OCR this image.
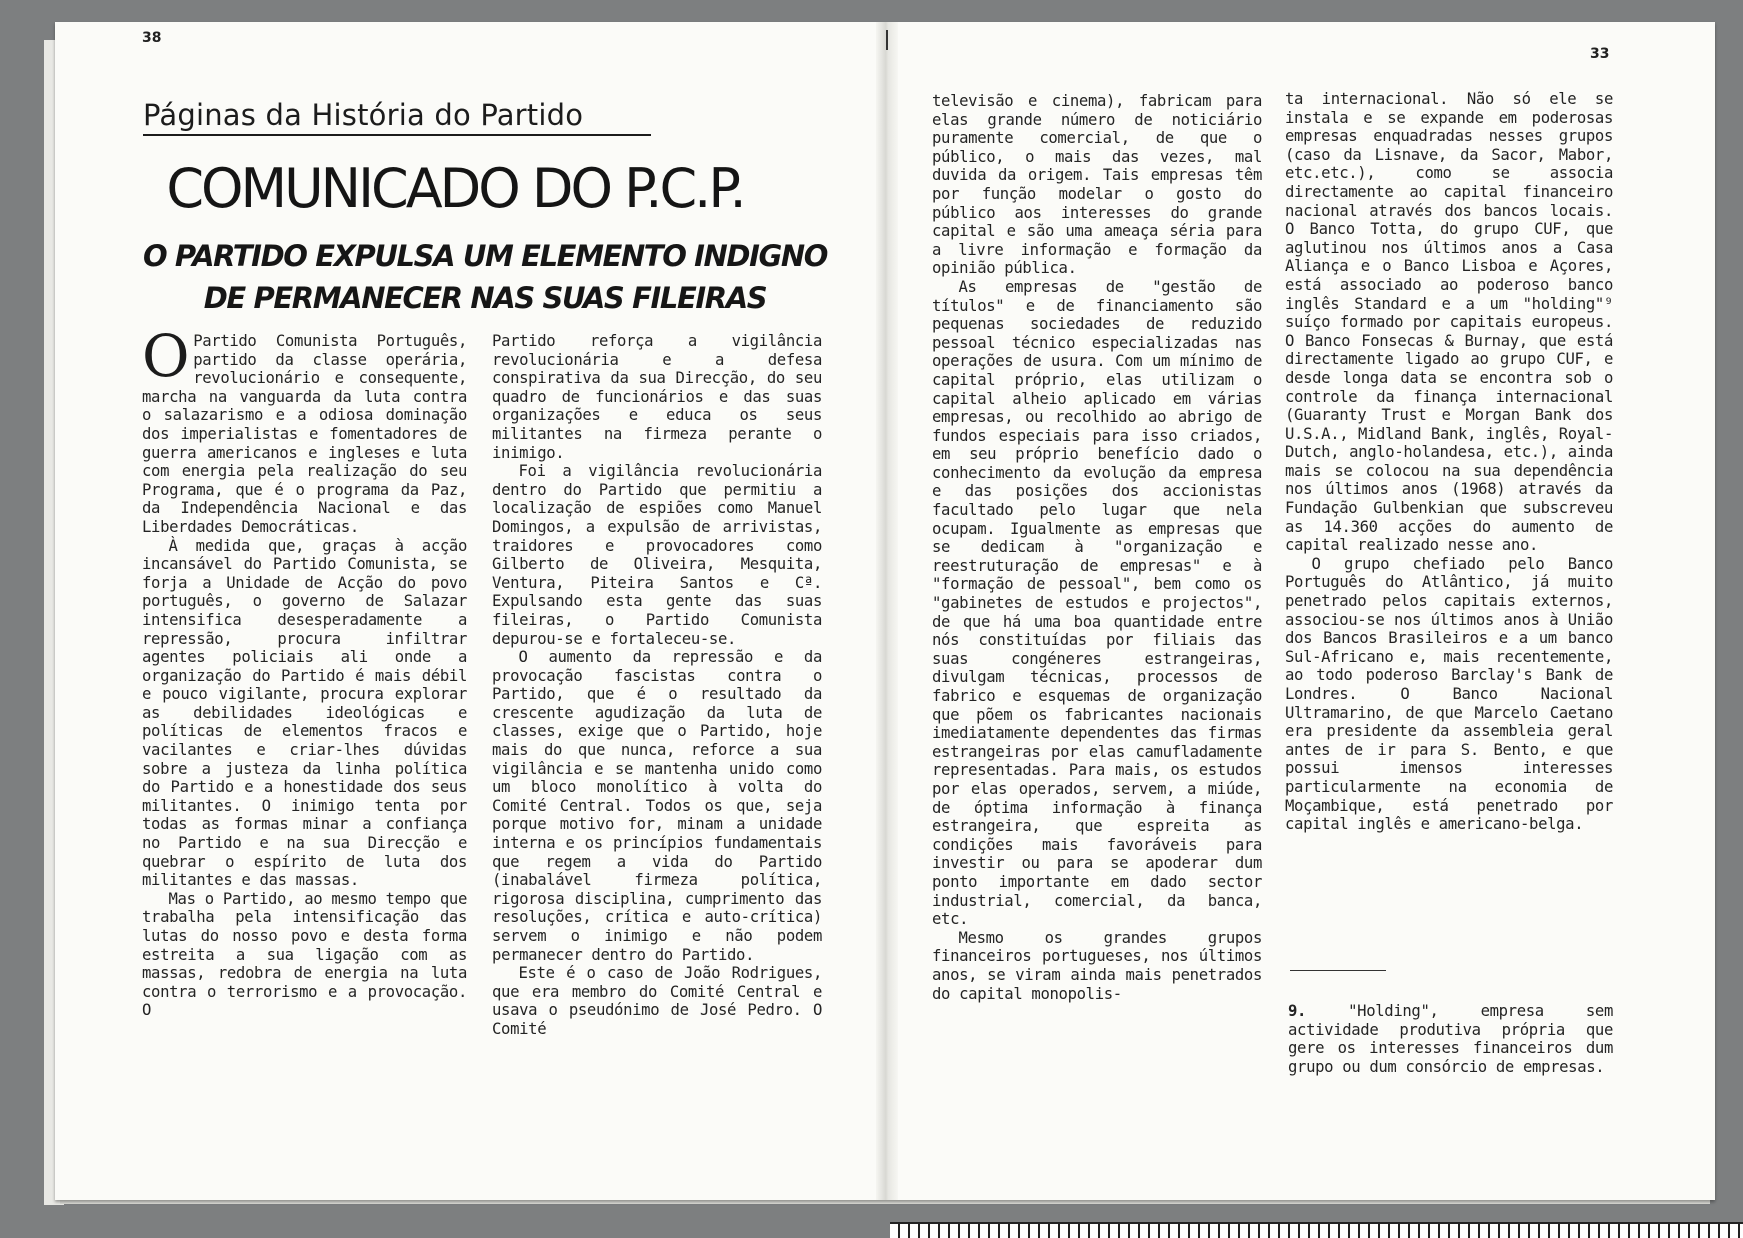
38
Páginas da História do Partido
COMUNICADO DO P.C.P.
O PARTIDO EXPULSA UM ELEMENTO INDIGNO DE PERMANECER NAS SUAS FILEIRAS

O Partido Comunista Português, partido da classe operária, revolucionário e consequente, marcha na vanguarda da luta contra o salazarismo e a odiosa dominação dos imperialistas e fomentadores de guerra americanos e ingleses e luta com energia pela realização do seu Programa, que é o programa da Paz, da Independência Nacional e das Liberdades Democráticas.

À medida que, graças à acção incansável do Partido Comunista, se forja a Unidade de Acção do povo português, o governo de Salazar intensifica desesperadamente a repressão, procura infiltrar agentes policiais ali onde a organização do Partido é mais débil e pouco vigilante, procura explorar as debilidades ideológicas e políticas de elementos fracos e vacilantes e criar-lhes dúvidas sobre a justeza da linha política do Partido e a honestidade dos seus militantes. O inimigo tenta por todas as formas minar a confiança no Partido e na sua Direcção e quebrar o espírito de luta dos militantes e das massas.

Mas o Partido, ao mesmo tempo que trabalha pela intensificação das lutas do nosso povo e desta forma estreita a sua ligação com as massas, redobra de energia na luta contra o terrorismo e a provocação. O

Partido reforça a vigilância revolucionária e a defesa conspirativa da sua Direcção, do seu quadro de funcionários e das suas organizações e educa os seus militantes na firmeza perante o inimigo.

Foi a vigilância revolucionária dentro do Partido que permitiu a localização de espiões como Manuel Domingos, a expulsão de arrivistas, traidores e provocadores como Gilberto de Oliveira, Mesquita, Ventura, Piteira Santos e Cª. Expulsando esta gente das suas fileiras, o Partido Comunista depurou-se e fortaleceu-se.

O aumento da repressão e da provocação fascistas contra o Partido, que é o resultado da crescente agudização da luta de classes, exige que o Partido, hoje mais do que nunca, reforce a sua vigilância e se mantenha unido como um bloco monolítico à volta do Comité Central. Todos os que, seja porque motivo for, minam a unidade interna e os princípios fundamentais que regem a vida do Partido (inabalável firmeza política, rigorosa disciplina, cumprimento das resoluções, crítica e auto-crítica) servem o inimigo e não podem permanecer dentro do Partido.

Este é o caso de João Rodrigues, que era membro do Comité Central e usava o pseudónimo de José Pedro. O Comité

33

televisão e cinema), fabricam para elas grande número de noticiário puramente comercial, de que o público, o mais das vezes, mal duvida da origem. Tais empresas têm por função modelar o gosto do público aos interesses do grande capital e são uma ameaça séria para a livre informação e formação da opinião pública.

As empresas de "gestão de títulos" e de financiamento são pequenas sociedades de reduzido pessoal técnico especializadas nas operações de usura. Com um mínimo de capital próprio, elas utilizam o capital alheio aplicado em várias empresas, ou recolhido ao abrigo de fundos especiais para isso criados, em seu próprio benefício dado o conhecimento da evolução da empresa e das posições dos accionistas facultado pelo lugar que nela ocupam. Igualmente as empresas que se dedicam à "organização e reestruturação de empresas" e à "formação de pessoal", bem como os "gabinetes de estudos e projectos", de que há uma boa quantidade entre nós constituídas por filiais das suas congéneres estrangeiras, divulgam técnicas, processos de fabrico e esquemas de organização que põem os fabricantes nacionais imediatamente dependentes das firmas estrangeiras por elas camufladamente representadas. Para mais, os estudos por elas operados, servem, a miúde, de óptima informação à finança estrangeira, que espreita as condições mais favoráveis para investir ou para se apoderar dum ponto importante em dado sector industrial, comercial, da banca, etc.

Mesmo os grandes grupos financeiros portugueses, nos últimos anos, se viram ainda mais penetrados do capital monopolis-

ta internacional. Não só ele se instala e se expande em poderosas empresas enquadradas nesses grupos (caso da Lisnave, da Sacor, Mabor, etc.etc.), como se associa directamente ao capital financeiro nacional através dos bancos locais. O Banco Totta, do grupo CUF, que aglutinou nos últimos anos a Casa Aliança e o Banco Lisboa e Açores, está associado ao poderoso banco inglês Standard e a um "holding"⁹ suíço formado por capitais europeus. O Banco Fonsecas & Burnay, que está directamente ligado ao grupo CUF, e desde longa data se encontra sob o controle da finança internacional (Guaranty Trust e Morgan Bank dos U.S.A., Midland Bank, inglês, Royal-Dutch, anglo-holandesa, etc.), ainda mais se colocou na sua dependência nos últimos anos (1968) através da Fundação Gulbenkian que subscreveu as 14.360 acções do aumento de capital realizado nesse ano.

O grupo chefiado pelo Banco Português do Atlântico, já muito penetrado pelos capitais externos, associou-se nos últimos anos à União dos Bancos Brasileiros e a um banco Sul-Africano e, mais recentemente, ao todo poderoso Barclay's Bank de Londres. O Banco Nacional Ultramarino, de que Marcelo Caetano era presidente da assembleia geral antes de ir para S. Bento, e que possui imensos interesses particularmente na economia de Moçambique, está penetrado por capital inglês e americano-belga.

9.	"Holding", empresa sem actividade produtiva própria que gere os interesses financeiros dum grupo ou dum consórcio de empresas.
